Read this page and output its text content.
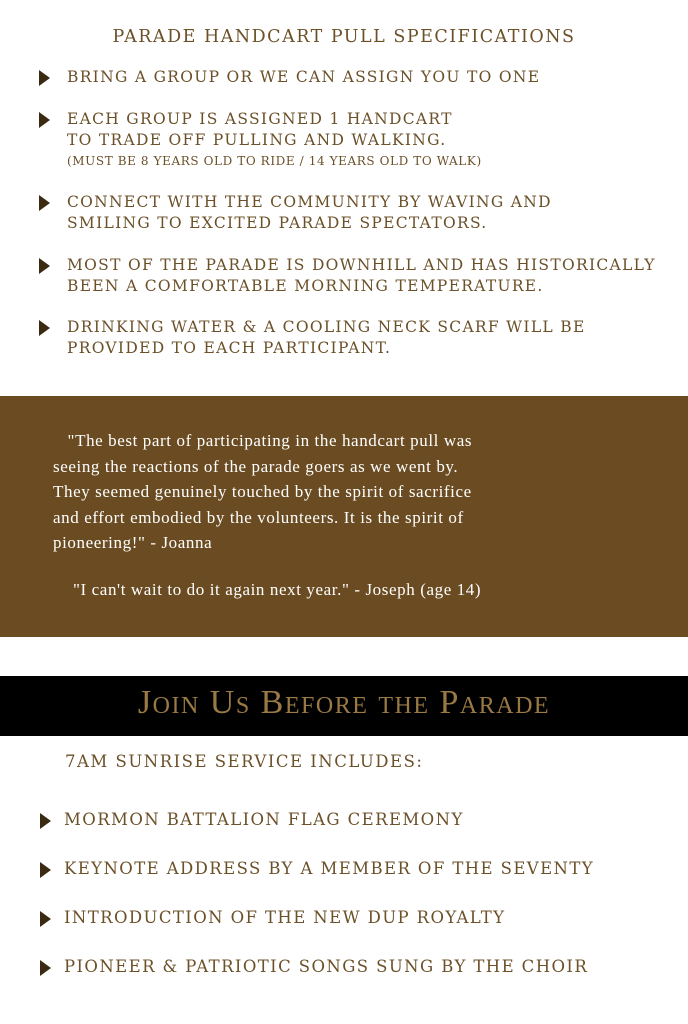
PARADE HANDCART PULL SPECIFICATIONS
BRING A GROUP OR WE CAN ASSIGN YOU TO ONE
EACH GROUP IS ASSIGNED 1 HANDCART
TO TRADE OFF PULLING AND WALKING.
(MUST BE 8 YEARS OLD TO RIDE / 14 YEARS OLD TO WALK)
CONNECT WITH THE COMMUNITY BY WAVING AND
SMILING TO EXCITED PARADE SPECTATORS.
MOST OF THE PARADE IS DOWNHILL AND HAS HISTORICALLY
BEEN A COMFORTABLE MORNING TEMPERATURE.
DRINKING WATER & A COOLING NECK SCARF WILL BE
PROVIDED TO EACH PARTICIPANT.
"The best part of participating in the handcart pull was
seeing the reactions of the parade goers as we went by.
They seemed genuinely touched by the spirit of sacrifice
and effort embodied by the volunteers. It is the spirit of
pioneering!" - Joanna
"I can't wait to do it again next year." - Joseph (age 14)
Join Us Before the Parade
7AM SUNRISE SERVICE INCLUDES:
MORMON BATTALION FLAG CEREMONY
KEYNOTE ADDRESS BY A MEMBER OF THE SEVENTY
INTRODUCTION OF THE NEW DUP ROYALTY
PIONEER & PATRIOTIC SONGS SUNG BY THE CHOIR
